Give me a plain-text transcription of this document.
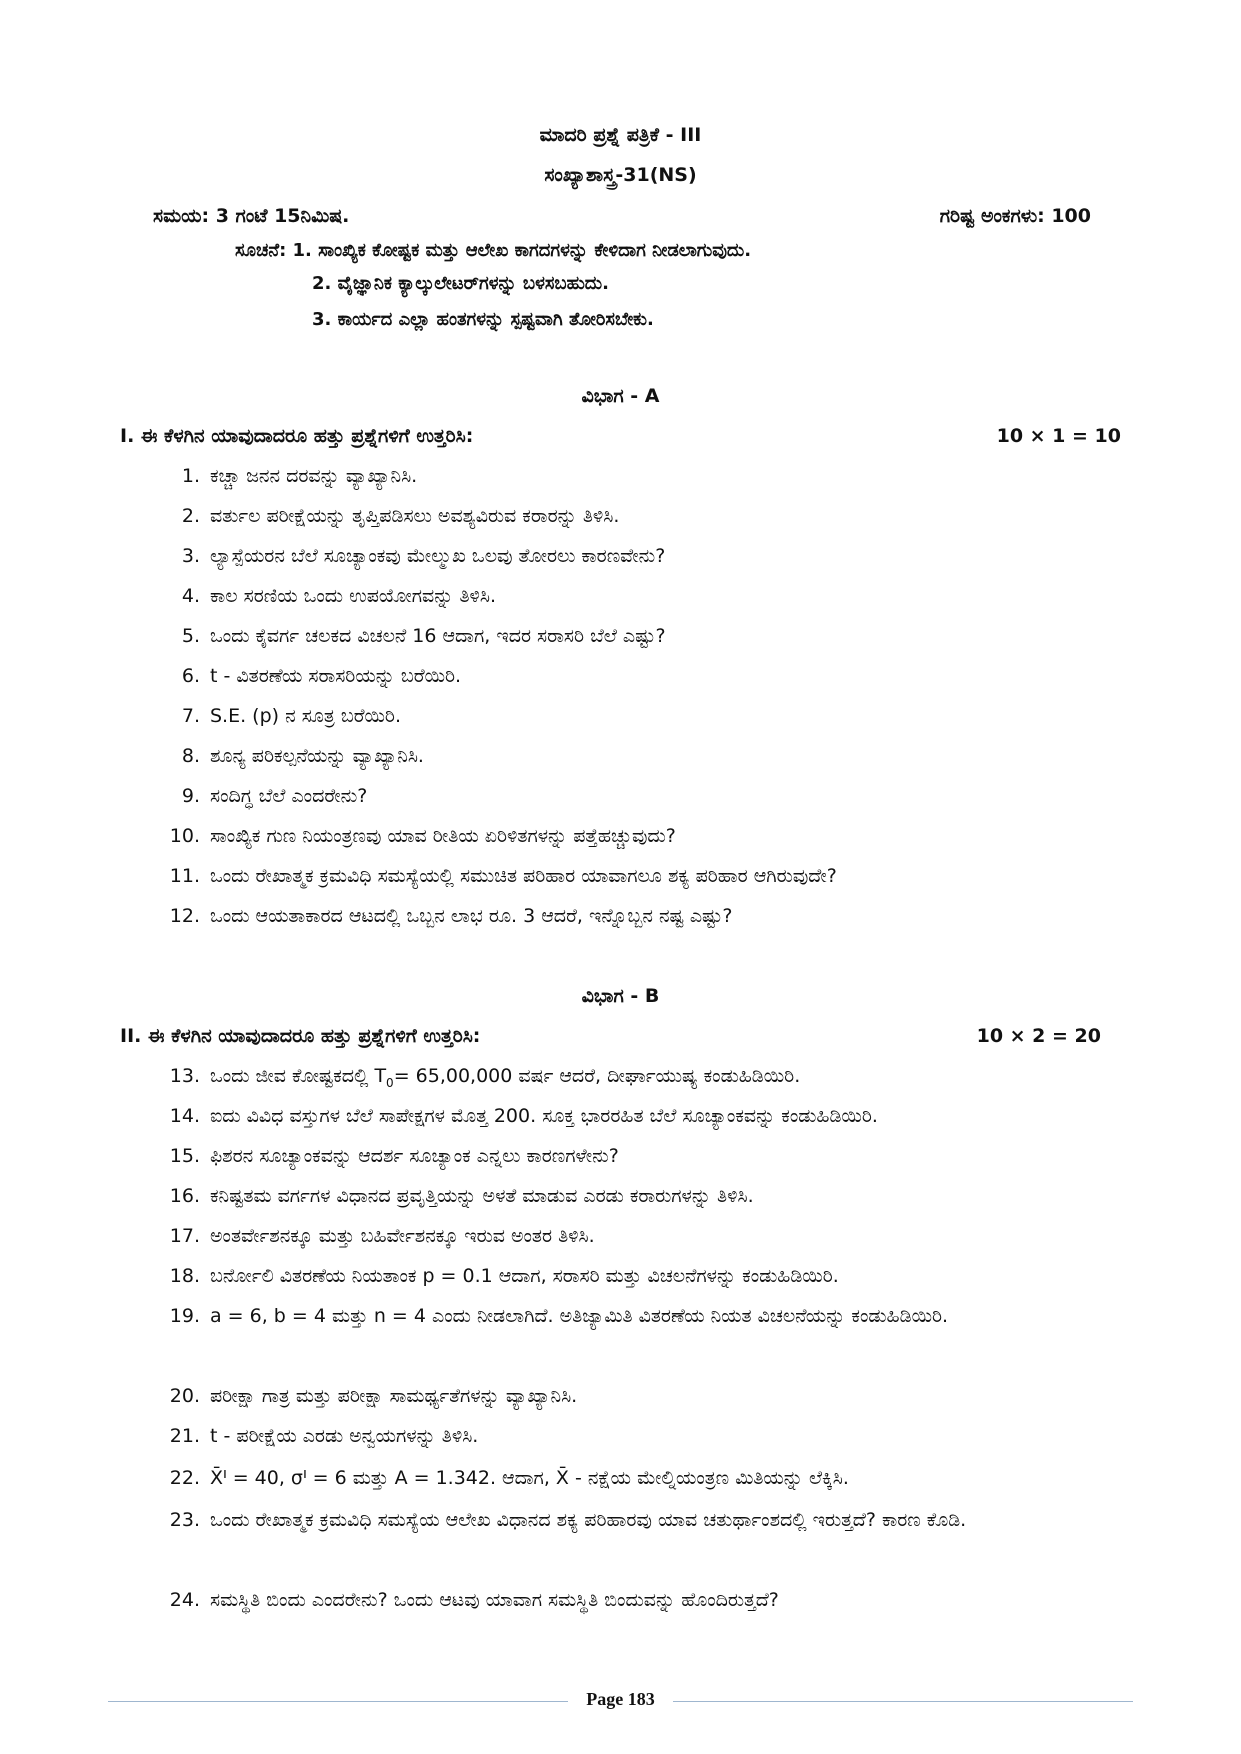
ಮಾದರಿ ಪ್ರಶ್ನೆ ಪತ್ರಿಕೆ - III
ಸಂಖ್ಯಾಶಾಸ್ತ್ರ-31(NS)
ಸಮಯ: 3 ಗಂಟೆ 15ನಿಮಿಷ.	ಗರಿಷ್ಟ ಅಂಕಗಳು: 100
ಸೂಚನೆ: 1. ಸಾಂಖ್ಯಿಕ ಕೋಷ್ಟಕ ಮತ್ತು ಆಲೇಖ ಕಾಗದಗಳನ್ನು ಕೇಳಿದಾಗ ನೀಡಲಾಗುವುದು.
2. ವೈಜ್ಞಾನಿಕ ಕ್ಯಾಲ್ಕುಲೇಟರ್‌ಗಳನ್ನು ಬಳಸಬಹುದು.
3. ಕಾರ್ಯದ ಎಲ್ಲಾ ಹಂತಗಳನ್ನು ಸ್ಪಷ್ಟವಾಗಿ ತೋರಿಸಬೇಕು.
ವಿಭಾಗ - A
I. ಈ ಕೆಳಗಿನ ಯಾವುದಾದರೂ ಹತ್ತು ಪ್ರಶ್ನೆಗಳಿಗೆ ಉತ್ತರಿಸಿ:	10 × 1 = 10
1. ಕಚ್ಚಾ ಜನನ ದರವನ್ನು ವ್ಯಾಖ್ಯಾನಿಸಿ.
2. ವರ್ತುಲ ಪರೀಕ್ಷೆಯನ್ನು ತೃಪ್ತಿಪಡಿಸಲು ಅವಶ್ಯವಿರುವ ಕರಾರನ್ನು ತಿಳಿಸಿ.
3. ಲ್ಯಾಸ್ಪೆಯರನ ಬೆಲೆ ಸೂಚ್ಯಾಂಕವು ಮೇಲ್ಮುಖ ಒಲವು ತೋರಲು ಕಾರಣವೇನು?
4. ಕಾಲ ಸರಣಿಯ ಒಂದು ಉಪಯೋಗವನ್ನು ತಿಳಿಸಿ.
5. ಒಂದು ಕೈವರ್ಗ ಚಲಕದ ವಿಚಲನೆ 16 ಆದಾಗ, ಇದರ ಸರಾಸರಿ ಬೆಲೆ ಎಷ್ಟು?
6. t - ವಿತರಣೆಯ ಸರಾಸರಿಯನ್ನು ಬರೆಯಿರಿ.
7. S.E. (p) ನ ಸೂತ್ರ ಬರೆಯಿರಿ.
8. ಶೂನ್ಯ ಪರಿಕಲ್ಪನೆಯನ್ನು ವ್ಯಾಖ್ಯಾನಿಸಿ.
9. ಸಂದಿಗ್ಧ ಬೆಲೆ ಎಂದರೇನು?
10. ಸಾಂಖ್ಯಿಕ ಗುಣ ನಿಯಂತ್ರಣವು ಯಾವ ರೀತಿಯ ಏರಿಳಿತಗಳನ್ನು ಪತ್ತೆಹಚ್ಚುವುದು?
11. ಒಂದು ರೇಖಾತ್ಮಕ ಕ್ರಮವಿಧಿ ಸಮಸ್ಯೆಯಲ್ಲಿ ಸಮುಚಿತ ಪರಿಹಾರ ಯಾವಾಗಲೂ ಶಕ್ಯ ಪರಿಹಾರ ಆಗಿರುವುದೇ?
12. ಒಂದು ಆಯತಾಕಾರದ ಆಟದಲ್ಲಿ ಒಬ್ಬನ ಲಾಭ ರೂ. 3 ಆದರೆ, ಇನ್ನೊಬ್ಬನ ನಷ್ಟ ಎಷ್ಟು?
ವಿಭಾಗ - B
II. ಈ ಕೆಳಗಿನ ಯಾವುದಾದರೂ ಹತ್ತು ಪ್ರಶ್ನೆಗಳಿಗೆ ಉತ್ತರಿಸಿ:	10 × 2 = 20
13. ಒಂದು ಜೀವ ಕೋಷ್ಟಕದಲ್ಲಿ $T_0= 65,00,000$ ವರ್ಷ ಆದರೆ, ದೀರ್ಘಾಯುಷ್ಯ ಕಂಡುಹಿಡಿಯಿರಿ.
14. ಐದು ವಿವಿಧ ವಸ್ತುಗಳ ಬೆಲೆ ಸಾಪೇಕ್ಷಗಳ ಮೊತ್ತ 200. ಸೂಕ್ತ ಭಾರರಹಿತ ಬೆಲೆ ಸೂಚ್ಯಾಂಕವನ್ನು ಕಂಡುಹಿಡಿಯಿರಿ.
15. ಫಿಶರನ ಸೂಚ್ಯಾಂಕವನ್ನು ಆದರ್ಶ ಸೂಚ್ಯಾಂಕ ಎನ್ನಲು ಕಾರಣಗಳೇನು?
16. ಕನಿಷ್ಟತಮ ವರ್ಗಗಳ ವಿಧಾನದ ಪ್ರವೃತ್ತಿಯನ್ನು ಅಳತೆ ಮಾಡುವ ಎರಡು ಕರಾರುಗಳನ್ನು ತಿಳಿಸಿ.
17. ಅಂತರ್ವೇಶನಕ್ಕೂ ಮತ್ತು ಬಹಿರ್ವೇಶನಕ್ಕೂ ಇರುವ ಅಂತರ ತಿಳಿಸಿ.
18. ಬರ್ನೋಲಿ ವಿತರಣೆಯ ನಿಯತಾಂಕ p = 0.1 ಆದಾಗ, ಸರಾಸರಿ ಮತ್ತು ವಿಚಲನೆಗಳನ್ನು ಕಂಡುಹಿಡಿಯಿರಿ.
19. a = 6, b = 4 ಮತ್ತು n = 4 ಎಂದು ನೀಡಲಾಗಿದೆ. ಅತಿಜ್ಯಾಮಿತಿ ವಿತರಣೆಯ ನಿಯತ ವಿಚಲನೆಯನ್ನು ಕಂಡುಹಿಡಿಯಿರಿ.
20. ಪರೀಕ್ಷಾ ಗಾತ್ರ ಮತ್ತು ಪರೀಕ್ಷಾ ಸಾಮರ್ಥ್ಯತೆಗಳನ್ನು ವ್ಯಾಖ್ಯಾನಿಸಿ.
21. t - ಪರೀಕ್ಷೆಯ ಎರಡು ಅನ್ವಯಗಳನ್ನು ತಿಳಿಸಿ.
22. X̄ᑊ = 40, σᑊ = 6 ಮತ್ತು A = 1.342. ಆದಾಗ, X̄ - ನಕ್ಷೆಯ ಮೇಲ್ನಿಯಂತ್ರಣ ಮಿತಿಯನ್ನು ಲೆಕ್ಕಿಸಿ.
23. ಒಂದು ರೇಖಾತ್ಮಕ ಕ್ರಮವಿಧಿ ಸಮಸ್ಯೆಯ ಆಲೇಖ ವಿಧಾನದ ಶಕ್ಯ ಪರಿಹಾರವು ಯಾವ ಚತುರ್ಥಾಂಶದಲ್ಲಿ ಇರುತ್ತದೆ? ಕಾರಣ ಕೊಡಿ.
24. ಸಮಸ್ಥಿತಿ ಬಿಂದು ಎಂದರೇನು? ಒಂದು ಆಟವು ಯಾವಾಗ ಸಮಸ್ಥಿತಿ ಬಿಂದುವನ್ನು ಹೊಂದಿರುತ್ತದೆ?
Page 183
